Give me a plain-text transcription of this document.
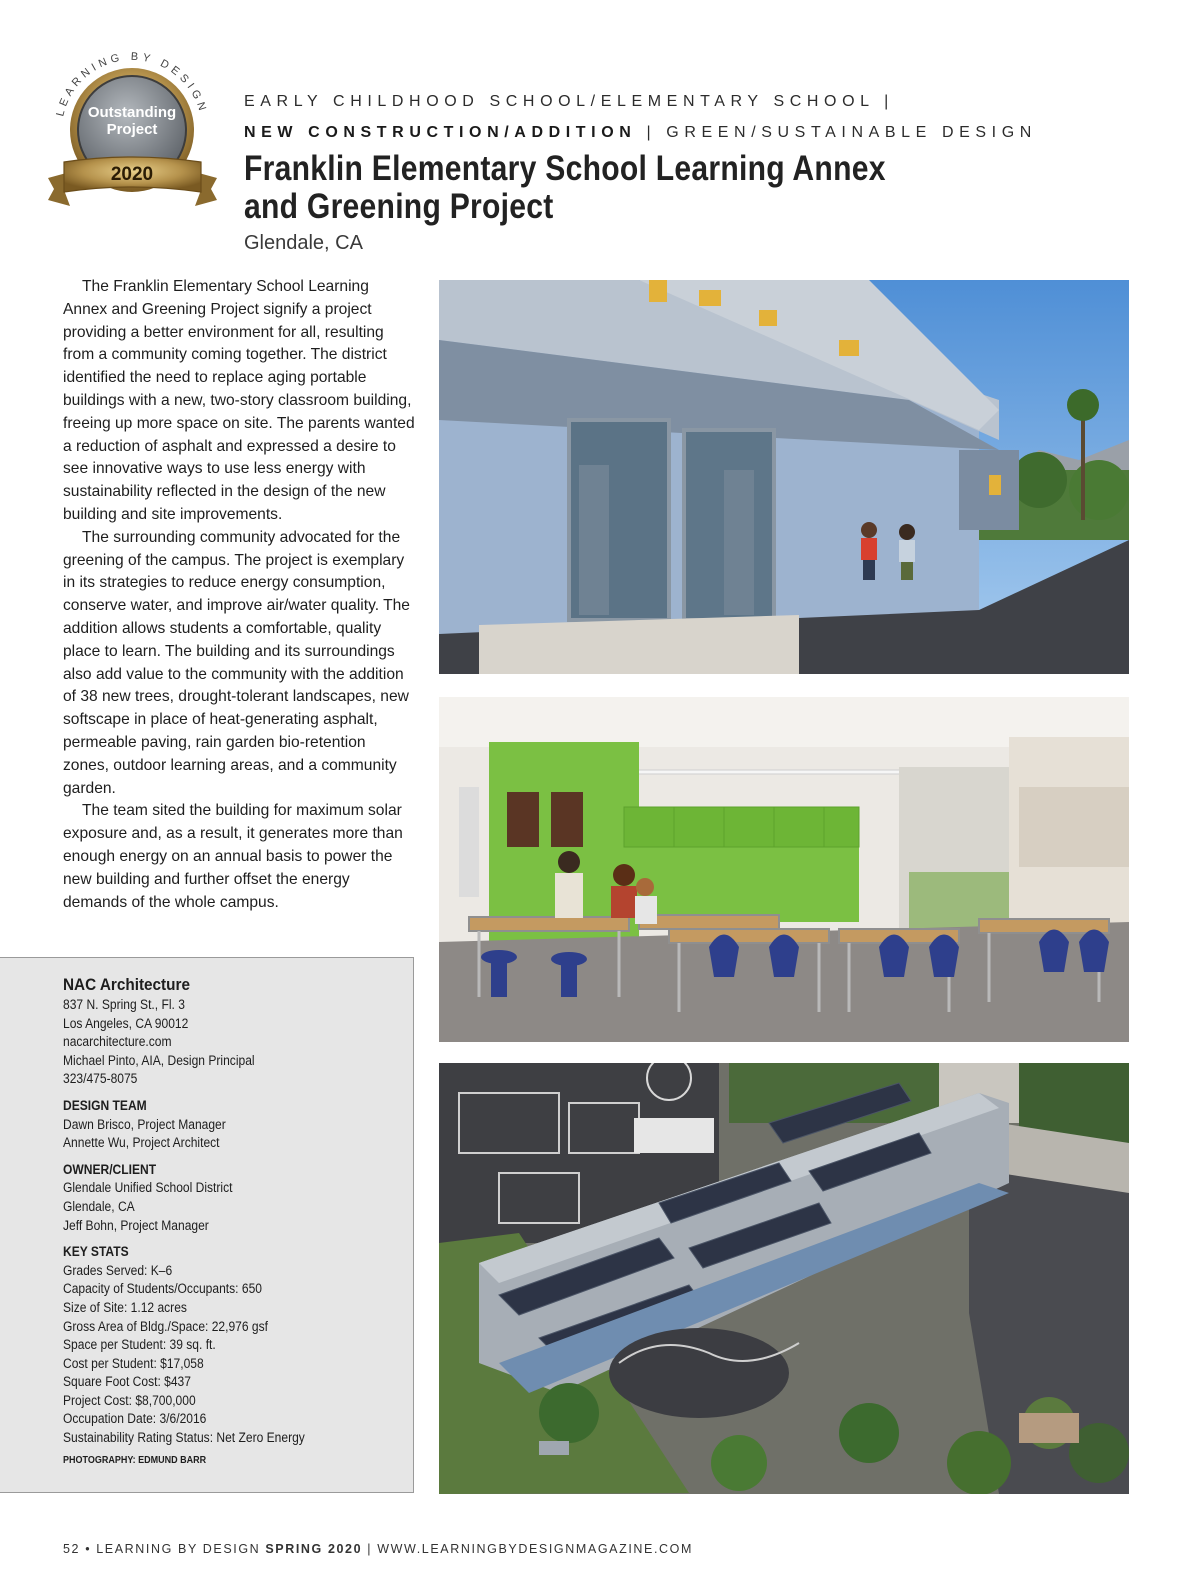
LEARNING BY DESIGN
Outstanding
Project
2020
EARLY CHILDHOOD SCHOOL/ELEMENTARY SCHOOL |
NEW CONSTRUCTION/ADDITION | GREEN/SUSTAINABLE DESIGN
Franklin Elementary School Learning Annex and Greening Project
Glendale, CA

The Franklin Elementary School Learning Annex and Greening Project signify a project providing a better environment for all, resulting from a community coming together. The district identified the need to replace aging portable buildings with a new, two-story classroom building, freeing up more space on site. The parents wanted a reduction of asphalt and expressed a desire to see innovative ways to use less energy with sustainability reflected in the design of the new building and site improvements.

The surrounding community advocated for the greening of the campus. The project is exemplary in its strategies to reduce energy consumption, conserve water, and improve air/water quality. The addition allows students a comfortable, quality place to learn. The building and its surroundings also add value to the community with the addition of 38 new trees, drought-tolerant landscapes, new softscape in place of heat-generating asphalt, permeable paving, rain garden bio-retention zones, outdoor learning areas, and a community garden.

The team sited the building for maximum solar exposure and, as a result, it generates more than enough energy on an annual basis to power the new building and further offset the energy demands of the whole campus.

NAC Architecture
837 N. Spring St., Fl. 3
Los Angeles, CA 90012
nacarchitecture.com
Michael Pinto, AIA, Design Principal
323/475-8075
DESIGN TEAM
Dawn Brisco, Project Manager
Annette Wu, Project Architect
OWNER/CLIENT
Glendale Unified School District
Glendale, CA
Jeff Bohn, Project Manager
KEY STATS
Grades Served: K–6
Capacity of Students/Occupants: 650
Size of Site: 1.12 acres
Gross Area of Bldg./Space: 22,976 gsf
Space per Student: 39 sq. ft.
Cost per Student: $17,058
Square Foot Cost: $437
Project Cost: $8,700,000
Occupation Date: 3/6/2016
Sustainability Rating Status: Net Zero Energy
PHOTOGRAPHY: EDMUND BARR
52 • LEARNING BY DESIGN SPRING 2020 | WWW.LEARNINGBYDESIGNMAGAZINE.COM
